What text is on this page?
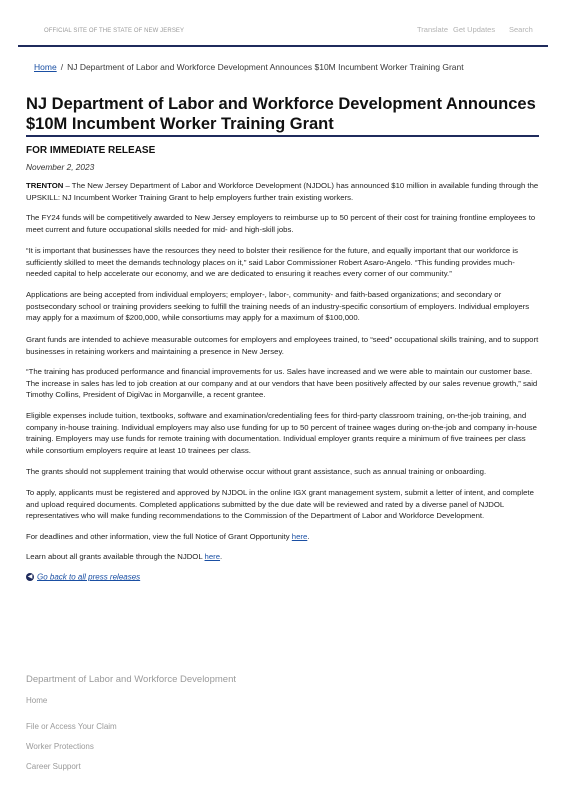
OFFICIAL SITE OF THE STATE OF NEW JERSEY	Translate Get Updates Search
Home / NJ Department of Labor and Workforce Development Announces $10M Incumbent Worker Training Grant
NJ Department of Labor and Workforce Development Announces $10M Incumbent Worker Training Grant
FOR IMMEDIATE RELEASE
November 2, 2023

TRENTON – The New Jersey Department of Labor and Workforce Development (NJDOL) has announced $10 million in available funding through the UPSKILL: NJ Incumbent Worker Training Grant to help employers further train existing workers.

The FY24 funds will be competitively awarded to New Jersey employers to reimburse up to 50 percent of their cost for training frontline employees to meet current and future occupational skills needed for mid- and high-skill jobs.

“It is important that businesses have the resources they need to bolster their resilience for the future, and equally important that our workforce is sufficiently skilled to meet the demands technology places on it,” said Labor Commissioner Robert Asaro-Angelo. “This funding provides much-needed capital to help accelerate our economy, and we are dedicated to ensuring it reaches every corner of our community.”

Applications are being accepted from individual employers; employer-, labor-, community- and faith-based organizations; and secondary or postsecondary school or training providers seeking to fulfill the training needs of an industry-specific consortium of employers. Individual employers may apply for a maximum of $200,000, while consortiums may apply for a maximum of $100,000.

Grant funds are intended to achieve measurable outcomes for employers and employees trained, to “seed” occupational skills training, and to support businesses in retaining workers and maintaining a presence in New Jersey.

“The training has produced performance and financial improvements for us. Sales have increased and we were able to maintain our customer base. The increase in sales has led to job creation at our company and at our vendors that have been positively affected by our sales revenue growth,” said Timothy Collins, President of DigiVac in Morganville, a recent grantee.

Eligible expenses include tuition, textbooks, software and examination/credentialing fees for third-party classroom training, on-the-job training, and company in-house training. Individual employers may also use funding for up to 50 percent of trainee wages during on-the-job and company in-house training. Employers may use funds for remote training with documentation. Individual employer grants require a minimum of five trainees per class while consortium employers require at least 10 trainees per class.

The grants should not supplement training that would otherwise occur without grant assistance, such as annual training or onboarding.

To apply, applicants must be registered and approved by NJDOL in the online IGX grant management system, submit a letter of intent, and complete and upload required documents. Completed applications submitted by the due date will be reviewed and rated by a diverse panel of NJDOL representatives who will make funding recommendations to the Commission of the Department of Labor and Workforce Development.

For deadlines and other information, view the full Notice of Grant Opportunity here.

Learn about all grants available through the NJDOL here.

◀ Go back to all press releases
Department of Labor and Workforce Development
Home
File or Access Your Claim
Worker Protections
Career Support
